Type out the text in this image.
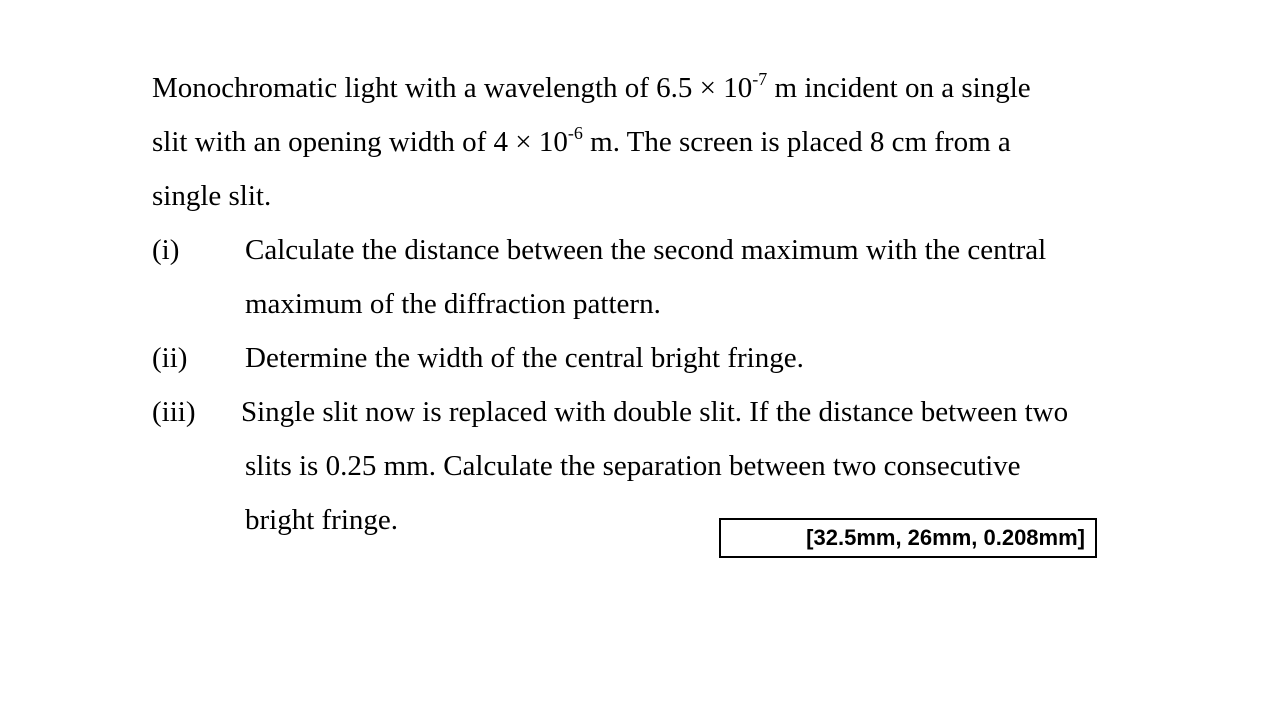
Monochromatic light with a wavelength of $6.5 \times 10^{-7}$ m incident on a single
slit with an opening width of $4 \times 10^{-6}$ m. The screen is placed 8 cm from a
single slit.
(i) Calculate the distance between the second maximum with the central
maximum of the diffraction pattern.
(ii) Determine the width of the central bright fringe.
(iii) Single slit now is replaced with double slit. If the distance between two
slits is 0.25 mm. Calculate the separation between two consecutive
bright fringe.
[32.5mm, 26mm, 0.208mm]
